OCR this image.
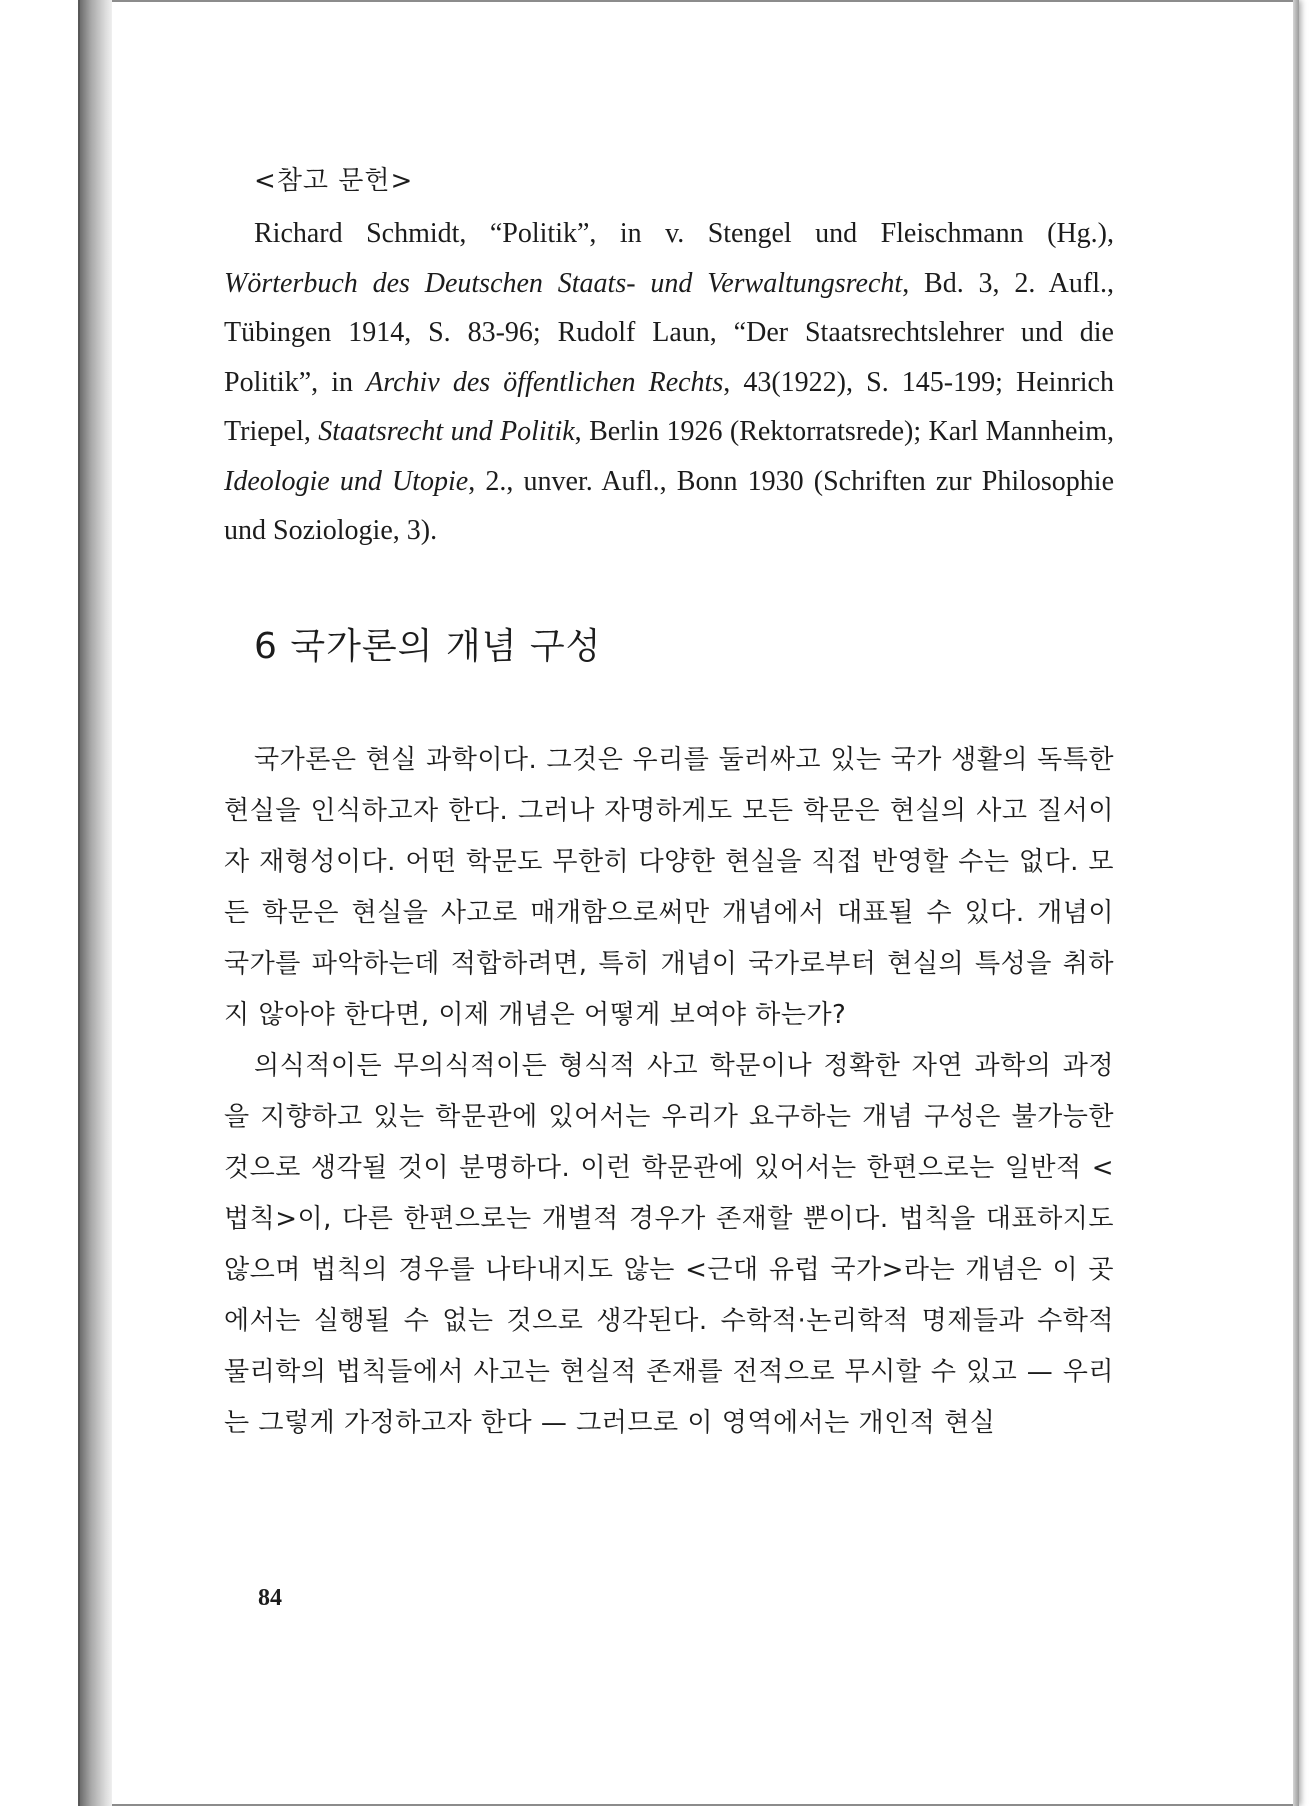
<참고 문헌>

Richard Schmidt, “Politik”, in v. Stengel und Fleischmann (Hg.), Wörterbuch des Deutschen Staats- und Verwaltungsrecht, Bd. 3, 2. Aufl., Tübingen 1914, S. 83-96; Rudolf Laun, “Der Staatsrechtslehrer und die Politik”, in Archiv des öffentlichen Rechts, 43(1922), S. 145-199; Heinrich Triepel, Staatsrecht und Politik, Berlin 1926 (Rektorratsrede); Karl Mannheim, Ideologie und Utopie, 2., unver. Aufl., Bonn 1930 (Schriften zur Philosophie und Soziologie, 3).

6 국가론의 개념 구성

국가론은 현실 과학이다. 그것은 우리를 둘러싸고 있는 국가 생활의 독특한 현실을 인식하고자 한다. 그러나 자명하게도 모든 학문은 현실의 사고 질서이자 재형성이다. 어떤 학문도 무한히 다양한 현실을 직접 반영할 수는 없다. 모든 학문은 현실을 사고로 매개함으로써만 개념에서 대표될 수 있다. 개념이 국가를 파악하는데 적합하려면, 특히 개념이 국가로부터 현실의 특성을 취하지 않아야 한다면, 이제 개념은 어떻게 보여야 하는가?

의식적이든 무의식적이든 형식적 사고 학문이나 정확한 자연 과학의 과정을 지향하고 있는 학문관에 있어서는 우리가 요구하는 개념 구성은 불가능한 것으로 생각될 것이 분명하다. 이런 학문관에 있어서는 한편으로는 일반적 <법칙>이, 다른 한편으로는 개별적 경우가 존재할 뿐이다. 법칙을 대표하지도 않으며 법칙의 경우를 나타내지도 않는 <근대 유럽 국가>라는 개념은 이 곳에서는 실행될 수 없는 것으로 생각된다. 수학적·논리학적 명제들과 수학적 물리학의 법칙들에서 사고는 현실적 존재를 전적으로 무시할 수 있고 — 우리는 그렇게 가정하고자 한다 — 그러므로 이 영역에서는 개인적 현실

84
